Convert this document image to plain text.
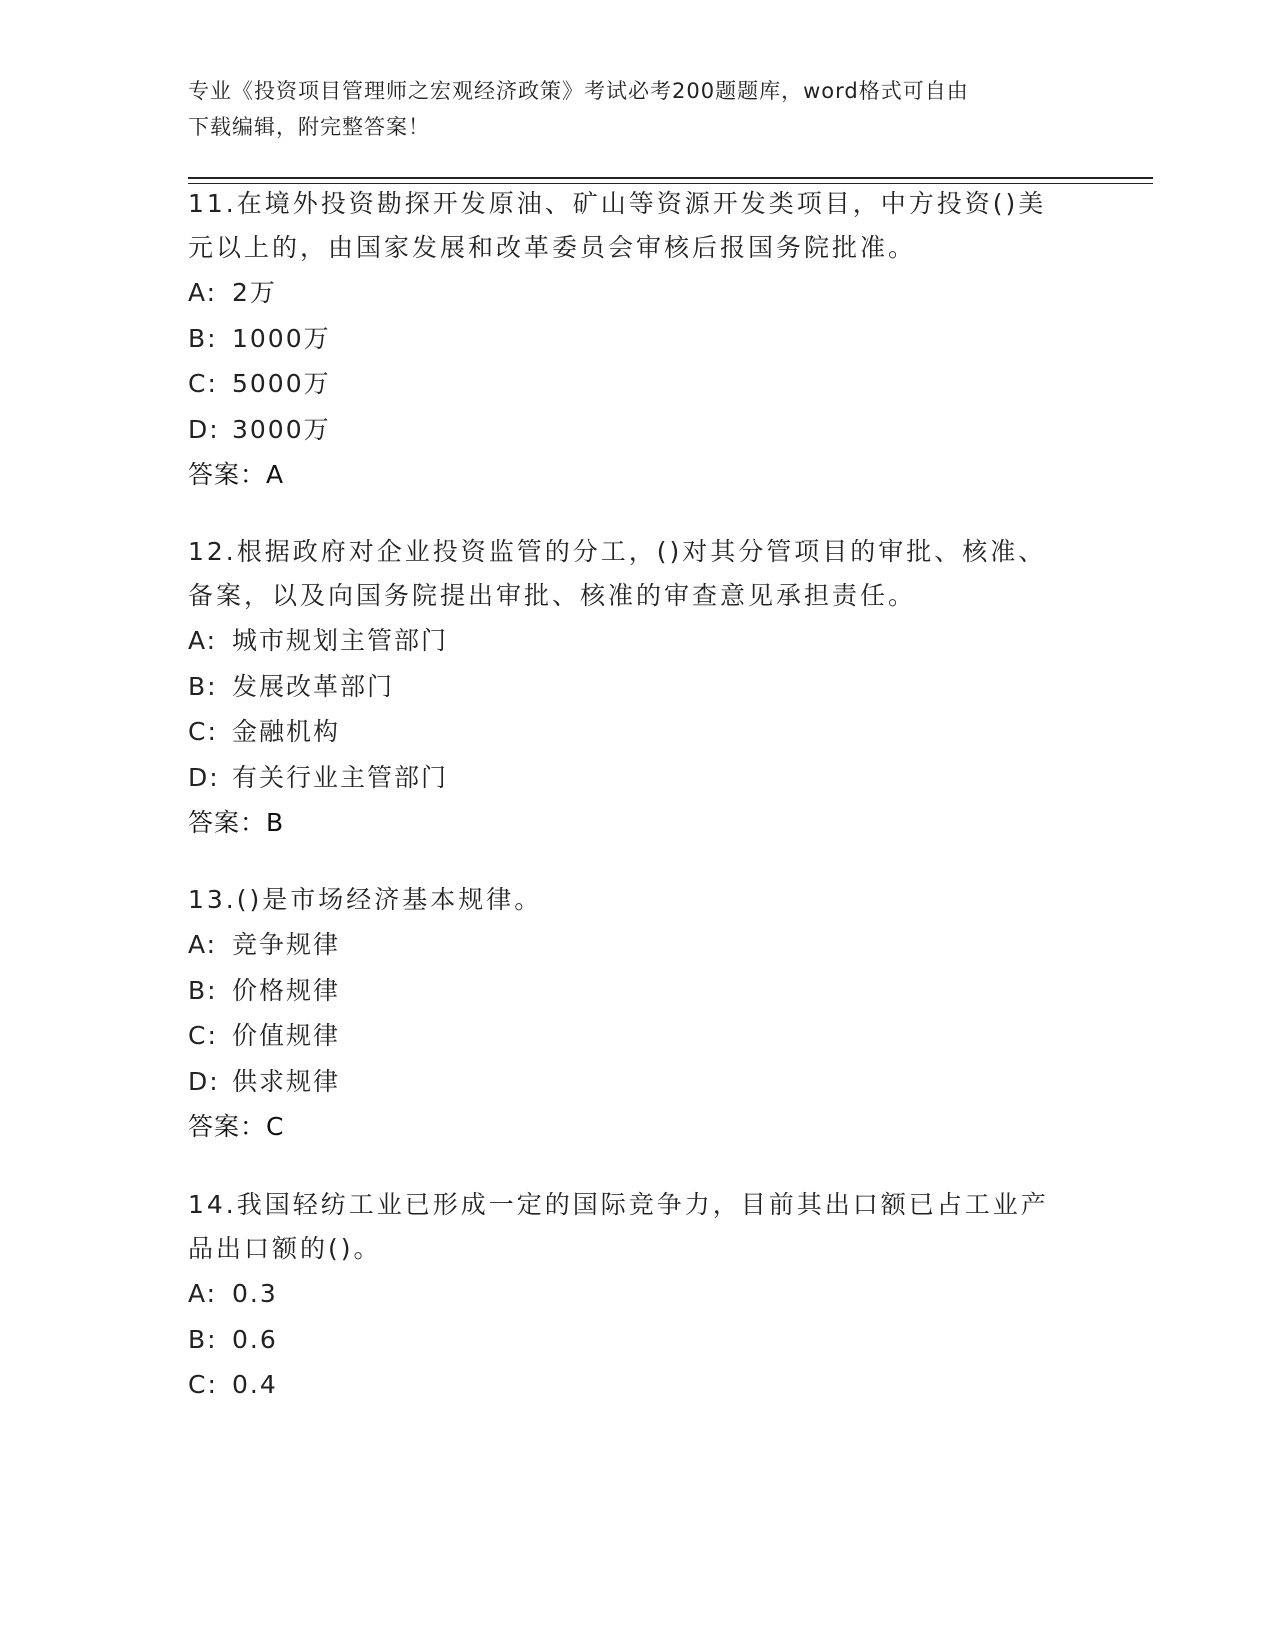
专业《投资项目管理师之宏观经济政策》考试必考200题题库，word格式可自由
下载编辑，附完整答案！

11.在境外投资勘探开发原油、矿山等资源开发类项目，中方投资()美
元以上的，由国家发展和改革委员会审核后报国务院批准。

A: 2万
B: 1000万
C: 5000万
D: 3000万
答案：A

12.根据政府对企业投资监管的分工，()对其分管项目的审批、核准、
备案，以及向国务院提出审批、核准的审查意见承担责任。

A: 城市规划主管部门
B: 发展改革部门
C: 金融机构
D: 有关行业主管部门
答案：B

13.()是市场经济基本规律。

A: 竞争规律
B: 价格规律
C: 价值规律
D: 供求规律
答案：C

14.我国轻纺工业已形成一定的国际竞争力，目前其出口额已占工业产
品出口额的()。

A: 0.3
B: 0.6
C: 0.4
